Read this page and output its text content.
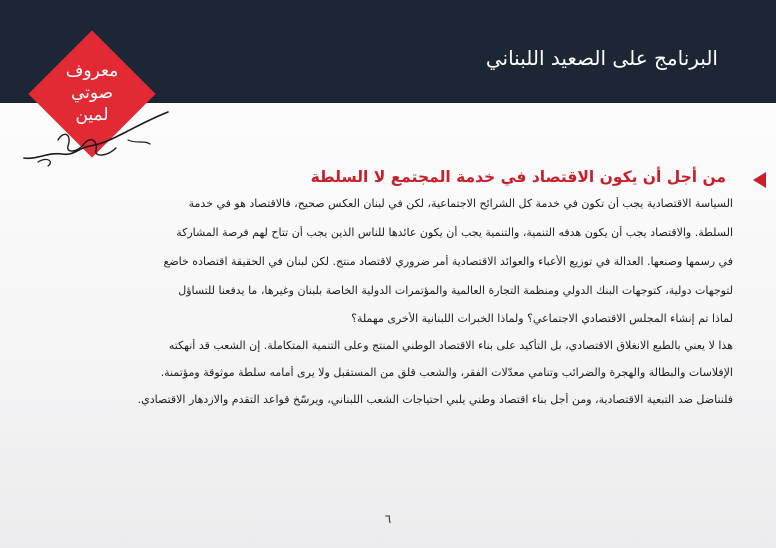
البرنامج على الصعيد اللبناني
معروف
صوتي
لمين
من أجل أن يكون الاقتصاد في خدمة المجتمع لا السلطة
السياسة الاقتصادية يجب أن تكون في خدمة كل الشرائح الاجتماعية، لكن في لبنان العكس صحيح، فالاقتصاد هو في خدمة
السلطة. والاقتصاد يجب أن يكون هدفه التنمية، والتنمية يجب أن يكون عائدها للناس الذين يجب أن تتاح لهم فرصة المشاركة
في رسمها وصنعها. العدالة في توزيع الأعباء والعوائد الاقتصادية أمر ضروري لاقتصاد منتج. لكن لبنان في الحقيقة اقتصاده خاضع
لتوجهات دولية، كتوجهات البنك الدولي ومنظمة التجارة العالمية والمؤتمرات الدولية الخاصة بلبنان وغيرها، ما يدفعنا للتساؤل
لماذا تم إنشاء المجلس الاقتصادي الاجتماعي؟ ولماذا الخبرات اللبنانية الأخرى مهملة؟
هذا لا يعني بالطبع الانغلاق الاقتصادي، بل التأكيد على بناء الاقتصاد الوطني المنتج وعلى التنمية المتكاملة. إن الشعب قد أنهكته
الإفلاسات والبطالة والهجرة والضرائب وتنامي معدّلات الفقر، والشعب قلق من المستقبل ولا يرى أمامه سلطة موثوقة ومؤتمنة.
فلنناضل ضد التبعية الاقتصادية، ومن أجل بناء اقتصاد وطني يلبي احتياجات الشعب اللبناني، ويرسّخ قواعد التقدم والازدهار الاقتصادي.
٦
